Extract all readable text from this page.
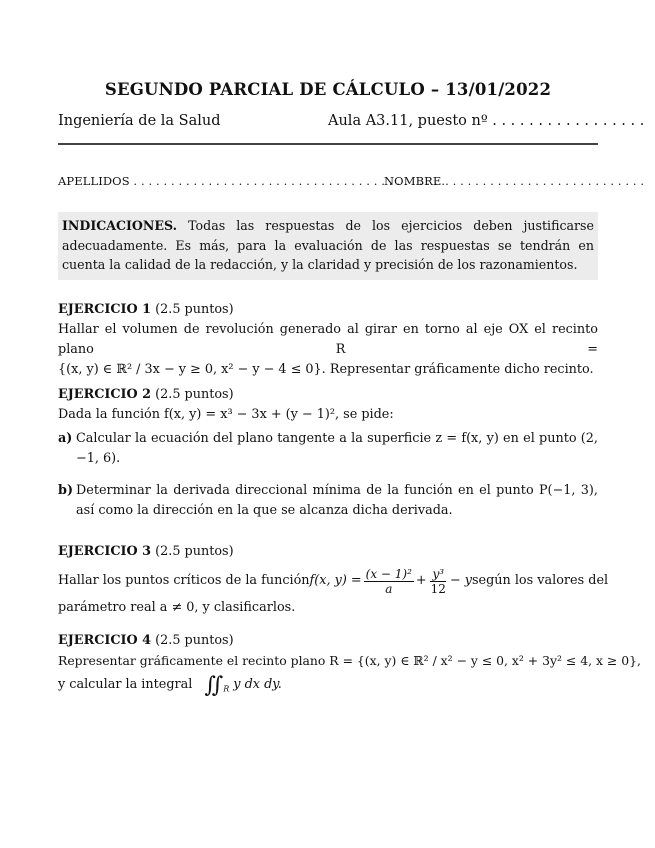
SEGUNDO PARCIAL DE CÁLCULO – 13/01/2022
Ingeniería de la Salud	Aula A3.11, puesto nº . . . . . . . . . . . . . . . . .
APELLIDOS . . . . . . . . . . . . . . . . . . . . . . . . . . . . . . . . . . . . . . . . . .
NOMBRE . . . . . . . . . . . . . . . . . . . . . . . . . . .
INDICACIONES. Todas las respuestas de los ejercicios deben justificarse adecuadamente. Es más, para la evaluación de las respuestas se tendrán en cuenta la calidad de la redacción, y la claridad y precisión de los razonamientos.
EJERCICIO 1 (2.5 puntos)
Hallar el volumen de revolución generado al girar en torno al eje OX el recinto plano R =
{(x, y) ∈ ℝ² / 3x − y ≥ 0, x² − y − 4 ≤ 0}. Representar gráficamente dicho recinto.
EJERCICIO 2 (2.5 puntos)
Dada la función f(x, y) = x³ − 3x + (y − 1)², se pide:
a) Calcular la ecuación del plano tangente a la superficie z = f(x, y) en el punto (2, −1, 6).
b) Determinar la derivada direccional mínima de la función en el punto P(−1, 3), así como la dirección en la que se alcanza dicha derivada.
EJERCICIO 3 (2.5 puntos)
Hallar los puntos críticos de la función f(x, $y) = \frac{\text{(x − 1)²}}{a} + \frac{\text{y³}}{12} - y$ según los valores del
parámetro real a ≠ 0, y clasificarlos.
EJERCICIO 4 (2.5 puntos)
Representar gráficamente el recinto plano R = {(x, y) ∈ ℝ² / x² − y ≤ 0, x² + 3y² ≤ 4, x ≥ 0},
y calcular la integral ∬ $_R$ y dx dy.
